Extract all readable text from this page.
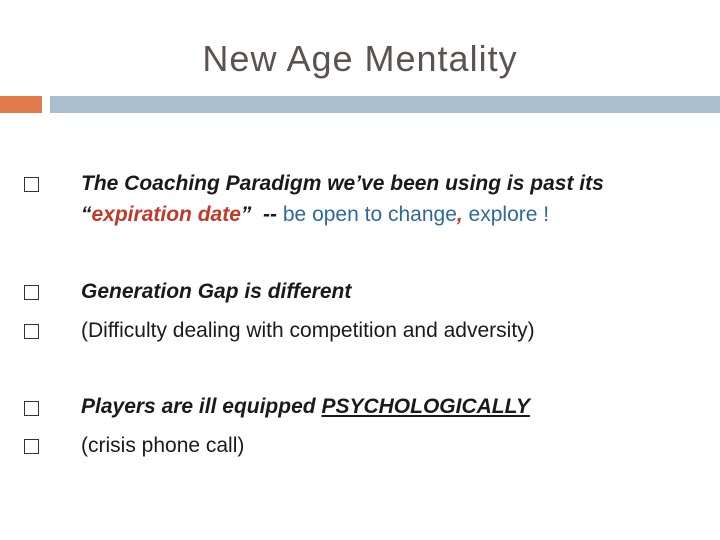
New Age Mentality
The Coaching Paradigm we’ve been using is past its
“expiration date” -- be open to change, explore !
Generation Gap is different
(Difficulty dealing with competition and adversity)
Players are ill equipped PSYCHOLOGICALLY
(crisis phone call)
